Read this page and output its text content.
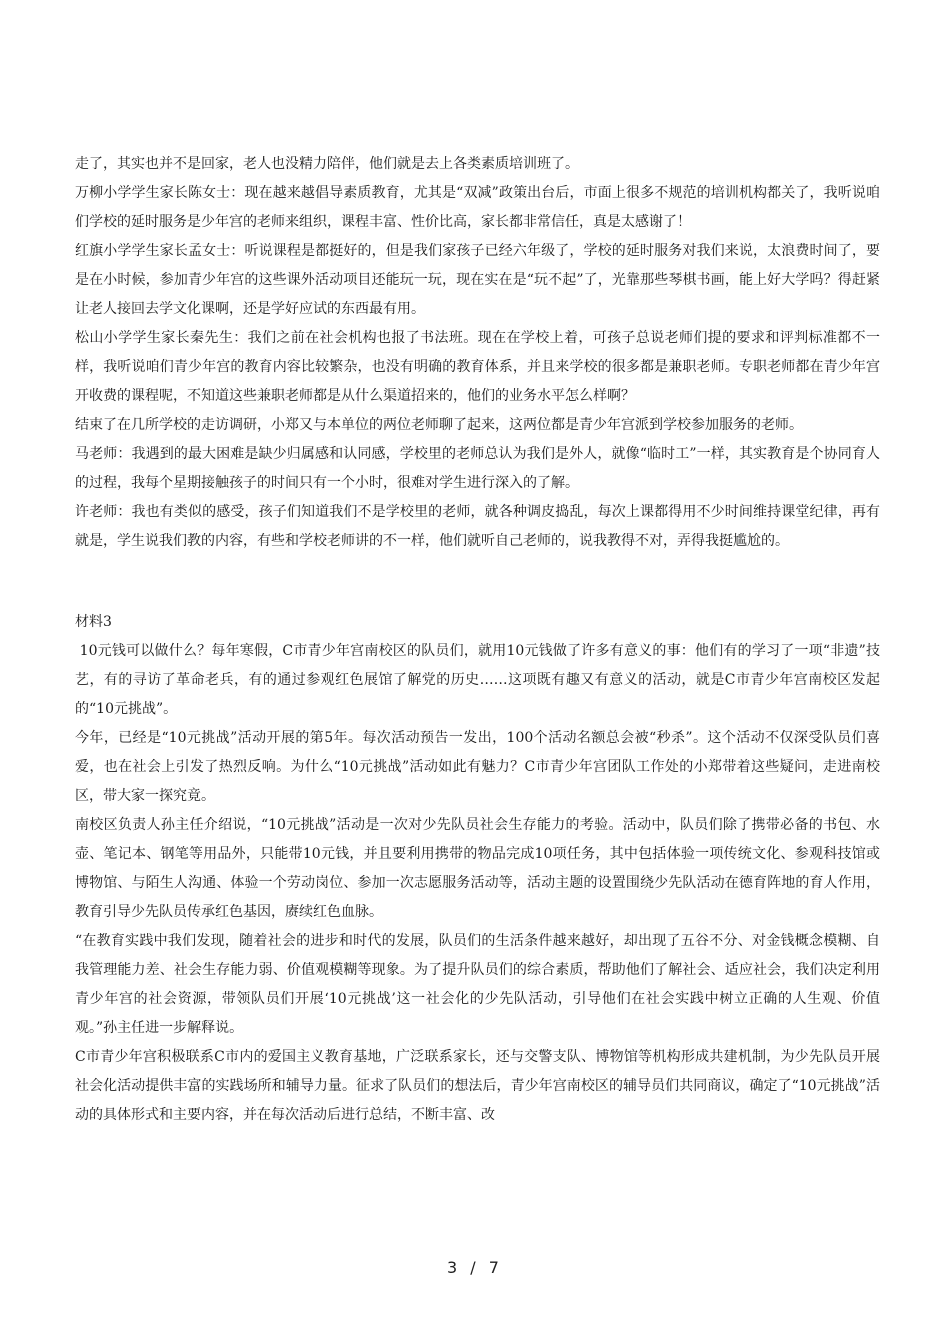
走了，其实也并不是回家，老人也没精力陪伴，他们就是去上各类素质培训班了。

万柳小学学生家长陈女士：现在越来越倡导素质教育，尤其是“双减”政策出台后，市面上很多不规范的培训机构都关了，我听说咱们学校的延时服务是少年宫的老师来组织，课程丰富、性价比高，家长都非常信任，真是太感谢了！

红旗小学学生家长孟女士：听说课程是都挺好的，但是我们家孩子已经六年级了，学校的延时服务对我们来说，太浪费时间了，要是在小时候，参加青少年宫的这些课外活动项目还能玩一玩，现在实在是“玩不起”了，光靠那些琴棋书画，能上好大学吗？得赶紧让老人接回去学文化课啊，还是学好应试的东西最有用。

松山小学学生家长秦先生：我们之前在社会机构也报了书法班。现在在学校上着，可孩子总说老师们提的要求和评判标准都不一样，我听说咱们青少年宫的教育内容比较繁杂，也没有明确的教育体系，并且来学校的很多都是兼职老师。专职老师都在青少年宫开收费的课程呢，不知道这些兼职老师都是从什么渠道招来的，他们的业务水平怎么样啊？

结束了在几所学校的走访调研，小郑又与本单位的两位老师聊了起来，这两位都是青少年宫派到学校参加服务的老师。

马老师：我遇到的最大困难是缺少归属感和认同感，学校里的老师总认为我们是外人，就像“临时工”一样，其实教育是个协同育人的过程，我每个星期接触孩子的时间只有一个小时，很难对学生进行深入的了解。

许老师：我也有类似的感受，孩子们知道我们不是学校里的老师，就各种调皮捣乱，每次上课都得用不少时间维持课堂纪律，再有就是，学生说我们教的内容，有些和学校老师讲的不一样，他们就听自己老师的，说我教得不对，弄得我挺尴尬的。

材料3

10元钱可以做什么？每年寒假，C市青少年宫南校区的队员们，就用10元钱做了许多有意义的事：他们有的学习了一项“非遗”技艺，有的寻访了革命老兵，有的通过参观红色展馆了解党的历史……这项既有趣又有意义的活动，就是C市青少年宫南校区发起的“10元挑战”。

今年，已经是“10元挑战”活动开展的第5年。每次活动预告一发出，100个活动名额总会被“秒杀”。这个活动不仅深受队员们喜爱，也在社会上引发了热烈反响。为什么“10元挑战”活动如此有魅力？C市青少年宫团队工作处的小郑带着这些疑问，走进南校区，带大家一探究竟。

南校区负责人孙主任介绍说，“10元挑战”活动是一次对少先队员社会生存能力的考验。活动中，队员们除了携带必备的书包、水壶、笔记本、钢笔等用品外，只能带10元钱，并且要利用携带的物品完成10项任务，其中包括体验一项传统文化、参观科技馆或博物馆、与陌生人沟通、体验一个劳动岗位、参加一次志愿服务活动等，活动主题的设置围绕少先队活动在德育阵地的育人作用，教育引导少先队员传承红色基因，赓续红色血脉。

“在教育实践中我们发现，随着社会的进步和时代的发展，队员们的生活条件越来越好，却出现了五谷不分、对金钱概念模糊、自我管理能力差、社会生存能力弱、价值观模糊等现象。为了提升队员们的综合素质，帮助他们了解社会、适应社会，我们决定利用青少年宫的社会资源，带领队员们开展‘10元挑战’这一社会化的少先队活动，引导他们在社会实践中树立正确的人生观、价值观。”孙主任进一步解释说。

C市青少年宫积极联系C市内的爱国主义教育基地，广泛联系家长，还与交警支队、博物馆等机构形成共建机制，为少先队员开展社会化活动提供丰富的实践场所和辅导力量。征求了队员们的想法后，青少年宫南校区的辅导员们共同商议，确定了“10元挑战”活动的具体形式和主要内容，并在每次活动后进行总结，不断丰富、改

3 / 7
